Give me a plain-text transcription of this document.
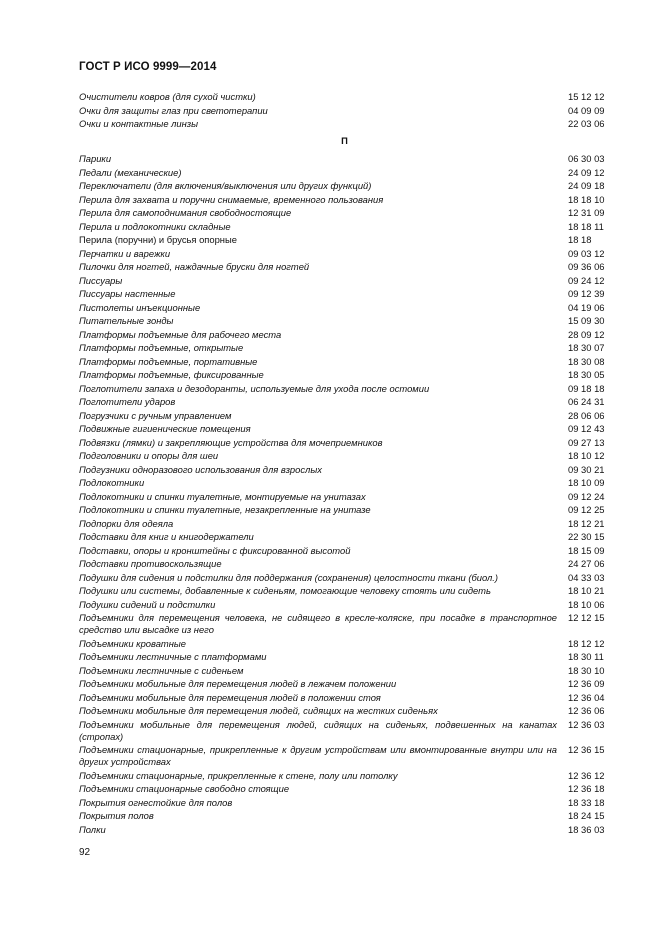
ГОСТ Р ИСО 9999—2014
Очистители ковров (для сухой чистки)	15 12 12
Очки для защиты глаз при светотерапии	04 09 09
Очки и контактные линзы	22 03 06
П
Парики	06 30 03
Педали (механические)	24 09 12
Переключатели (для включения/выключения или других функций)	24 09 18
Перила для захвата и поручни снимаемые, временного пользования	18 18 10
Перила для самоподнимания свободностоящие	12 31 09
Перила и подлокотники складные	18 18 11
Перила (поручни) и брусья опорные	18 18
Перчатки и варежки	09 03 12
Пилочки для ногтей, наждачные бруски для ногтей	09 36 06
Писсуары	09 24 12
Писсуары настенные	09 12 39
Пистолеты инъекционные	04 19 06
Питательные зонды	15 09 30
Платформы подъемные для рабочего места	28 09 12
Платформы подъемные, открытые	18 30 07
Платформы подъемные, портативные	18 30 08
Платформы подъемные, фиксированные	18 30 05
Поглотители запаха и дезодоранты, используемые для ухода после остомии	09 18 18
Поглотители ударов	06 24 31
Погрузчики с ручным управлением	28 06 06
Подвижные гигиенические помещения	09 12 43
Подвязки (лямки) и закрепляющие устройства для мочеприемников	09 27 13
Подголовники и опоры для шеи	18 10 12
Подгузники одноразового использования для взрослых	09 30 21
Подлокотники	18 10 09
Подлокотники и спинки туалетные, монтируемые на унитазах	09 12 24
Подлокотники и спинки туалетные, незакрепленные на унитазе	09 12 25
Подпорки для одеяла	18 12 21
Подставки для книг и книгодержатели	22 30 15
Подставки, опоры и кронштейны с фиксированной высотой	18 15 09
Подставки противоскользящие	24 27 06
Подушки для сидения и подстилки для поддержания (сохранения) целостности ткани (биол.)	04 33 03
Подушки или системы, добавленные к сиденьям, помогающие человеку стоять или сидеть	18 10 21
Подушки сидений и подстилки	18 10 06
Подъемники для перемещения человека, не сидящего в кресле-коляске, при посадке в транспортное средство или высадке из него
12 12 15
Подъемники кроватные	18 12 12
Подъемники лестничные с платформами	18 30 11
Подъемники лестничные с сиденьем	18 30 10
Подъемники мобильные для перемещения людей в лежачем положении	12 36 09
Подъемники мобильные для перемещения людей в положении стоя	12 36 04
Подъемники мобильные для перемещения людей, сидящих на жестких сиденьях	12 36 06
Подъемники мобильные для перемещения людей, сидящих на сиденьях, подвешенных на канатах (стропах)
12 36 03
Подъемники стационарные, прикрепленные к другим устройствам или вмонтированные внутри или на других устройствах
12 36 15
Подъемники стационарные, прикрепленные к стене, полу или потолку	12 36 12
Подъемники стационарные свободно стоящие	12 36 18
Покрытия огнестойкие для полов	18 33 18
Покрытия полов	18 24 15
Полки	18 36 03
92
